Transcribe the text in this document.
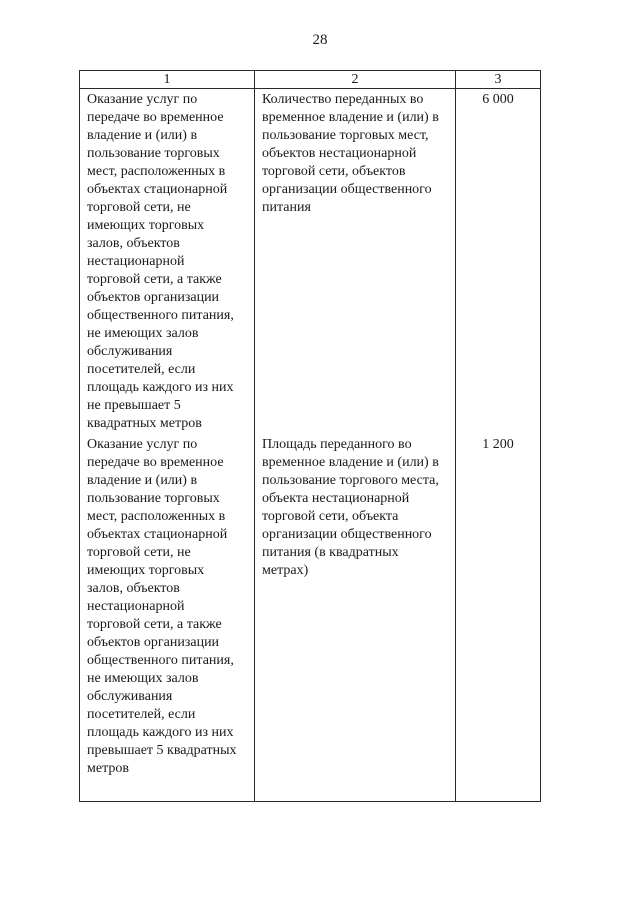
28
1	2	3

Оказание услуг по
передаче во временное
владение и (или) в
пользование торговых
мест, расположенных в
объектах стационарной
торговой сети, не
имеющих торговых
залов, объектов
нестационарной
торговой сети, а также
объектов организации
общественного питания,
не имеющих залов
обслуживания
посетителей, если
площадь каждого из них
не превышает 5
квадратных метров

Количество переданных во
временное владение и (или) в
пользование торговых мест,
объектов нестационарной
торговой сети, объектов
организации общественного
питания

6 000

Оказание услуг по
передаче во временное
владение и (или) в
пользование торговых
мест, расположенных в
объектах стационарной
торговой сети, не
имеющих торговых
залов, объектов
нестационарной
торговой сети, а также
объектов организации
общественного питания,
не имеющих залов
обслуживания
посетителей, если
площадь каждого из них
превышает 5 квадратных
метров

Площадь переданного во
временное владение и (или) в
пользование торгового места,
объекта нестационарной
торговой сети, объекта
организации общественного
питания (в квадратных
метрах)

1 200
